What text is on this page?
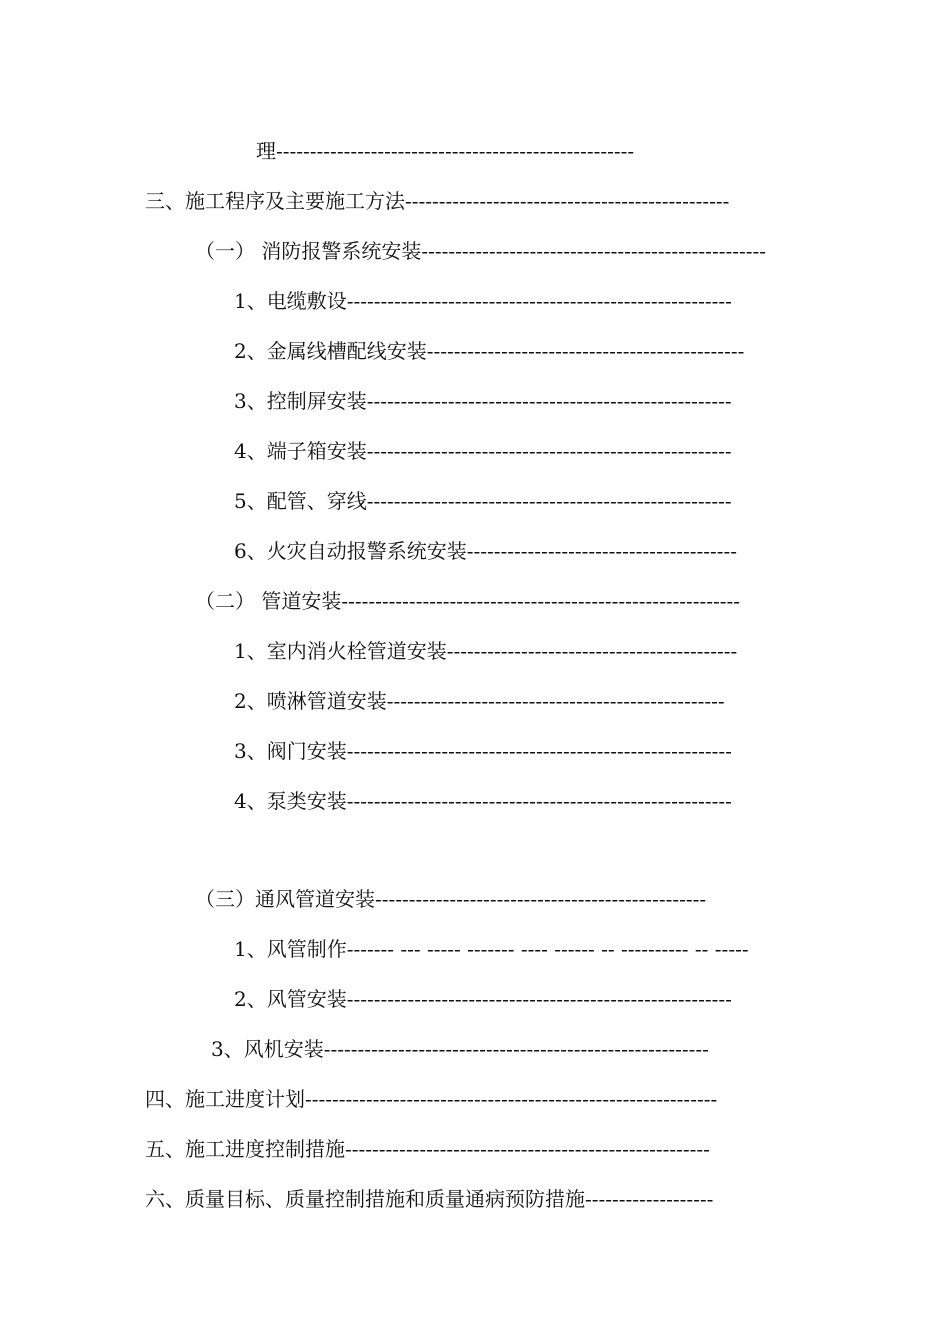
理-----------------------------------------------------
三、施工程序及主要施工方法------------------------------------------------
（一） 消防报警系统安装---------------------------------------------------
1、电缆敷设---------------------------------------------------------
2、金属线槽配线安装-----------------------------------------------
3、控制屏安装------------------------------------------------------
4、端子箱安装------------------------------------------------------
5、配管、穿线------------------------------------------------------
6、火灾自动报警系统安装----------------------------------------
（二） 管道安装-----------------------------------------------------------
1、室内消火栓管道安装-------------------------------------------
2、喷淋管道安装--------------------------------------------------
3、阀门安装---------------------------------------------------------
4、泵类安装---------------------------------------------------------
（三）通风管道安装-------------------------------------------------
1、风管制作------- --- ----- ------- ---- ------ -- ---------- -- -----
2、风管安装---------------------------------------------------------
3、风机安装---------------------------------------------------------
四、施工进度计划-------------------------------------------------------------
五、施工进度控制措施------------------------------------------------------
六、质量目标、质量控制措施和质量通病预防措施-------------------
